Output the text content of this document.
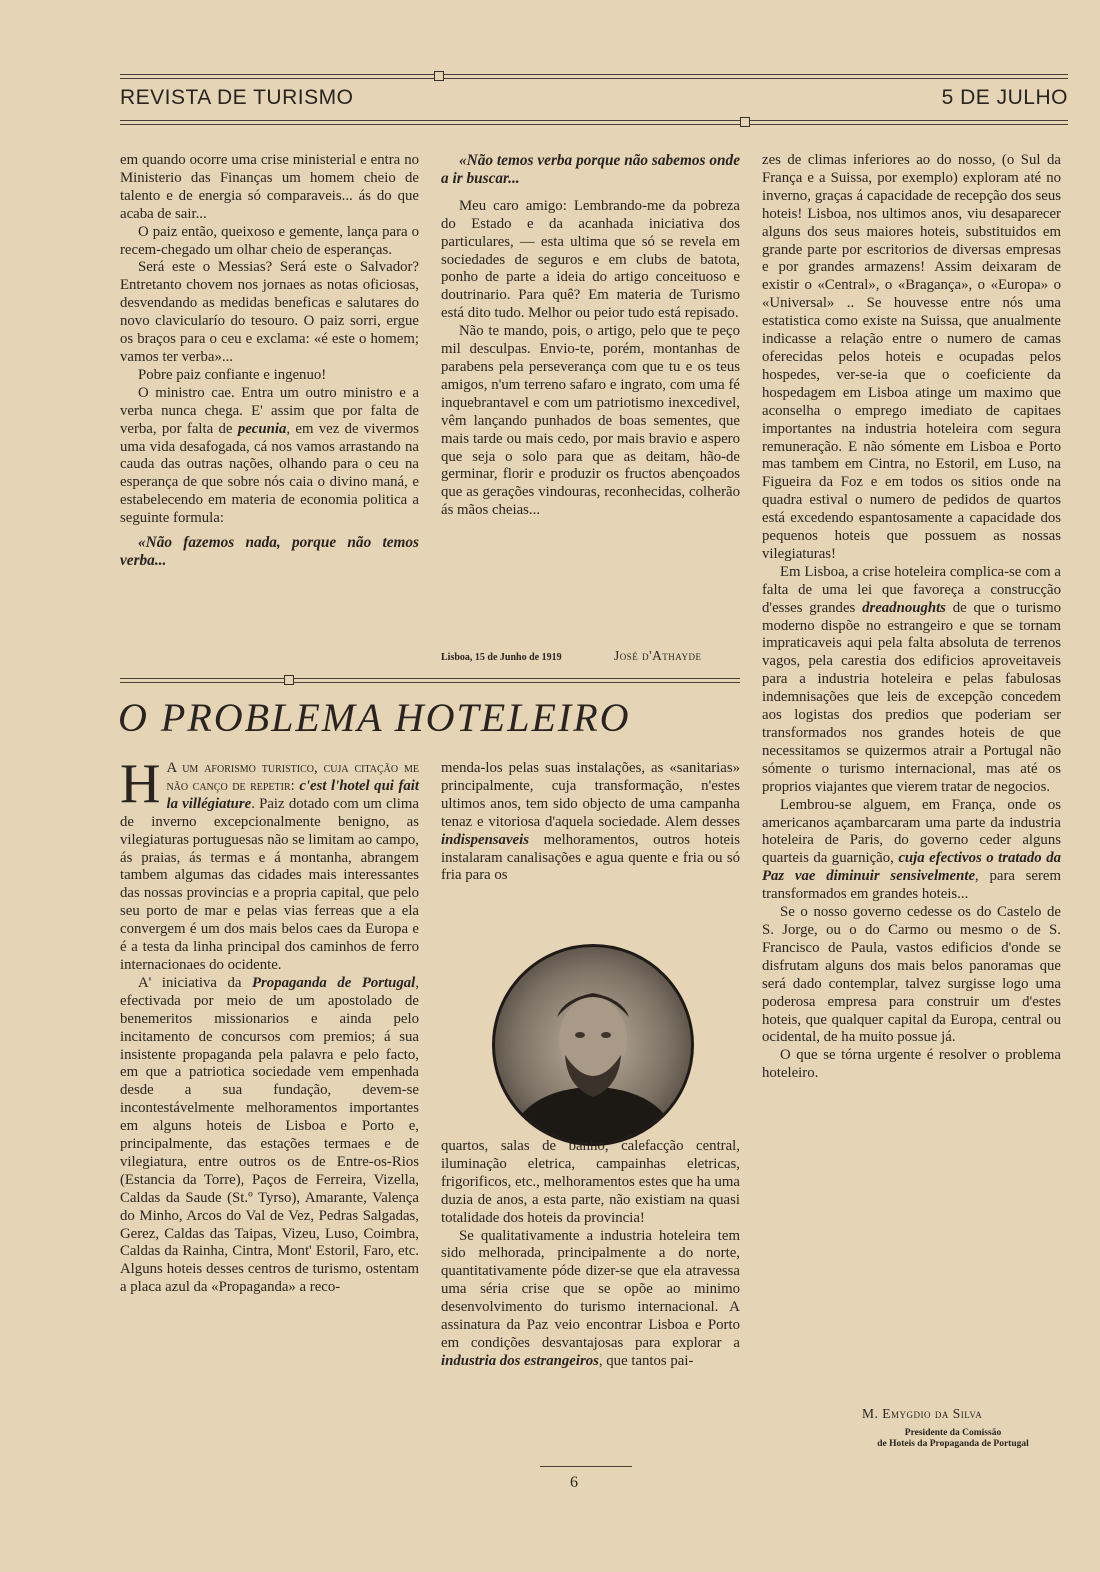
REVISTA DE TURISMO	5 DE JULHO

em quando ocorre uma crise ministerial e entra no Ministerio das Finanças um homem cheio de talento e de energia só comparaveis... ás do que acaba de sair...

O paiz então, queixoso e gemente, lança para o recem-chegado um olhar cheio de esperanças.

Será este o Messias? Será este o Salvador? Entretanto chovem nos jornaes as notas oficiosas, desvendando as medidas beneficas e salutares do novo clavicularío do tesouro. O paiz sorri, ergue os braços para o ceu e exclama: «é este o homem; vamos ter verba»...

Pobre paiz confiante e ingenuo!

O ministro cae. Entra um outro ministro e a verba nunca chega. E' assim que por falta de verba, por falta de pecunia, em vez de vivermos uma vida desafogada, cá nos vamos arrastando na cauda das outras nações, olhando para o ceu na esperança de que sobre nós caia o divino maná, e estabelecendo em materia de economia politica a seguinte formula:

«Não fazemos nada, porque não temos verba...

«Não temos verba porque não sabemos onde a ir buscar...

Meu caro amigo: Lembrando-me da pobreza do Estado e da acanhada iniciativa dos particulares, — esta ultima que só se revela em sociedades de seguros e em clubs de batota, ponho de parte a ideia do artigo conceituoso e doutrinario. Para quê? Em materia de Turismo está dito tudo. Melhor ou peior tudo está repisado.

Não te mando, pois, o artigo, pelo que te peço mil desculpas. Envio-te, porém, montanhas de parabens pela perseverança com que tu e os teus amigos, n'um terreno safaro e ingrato, com uma fé inquebrantavel e com um patriotismo inexcedivel, vêm lançando punhados de boas sementes, que mais tarde ou mais cedo, por mais bravio e aspero que seja o solo para que as deitam, hão-de germinar, florir e produzir os fructos abençoados que as gerações vindouras, reconhecidas, colherão ás mãos cheias...

Lisboa, 15 de Junho de 1919	José d'Athayde
O PROBLEMA HOTELEIRO

H A um aforismo turistico, cuja citação me não canço de repetir: c'est l'hotel qui fait la villégiature. Paiz dotado com um clima de inverno excepcionalmente benigno, as vilegiaturas portuguesas não se limitam ao campo, ás praias, ás termas e á montanha, abrangem tambem algumas das cidades mais interessantes das nossas provincias e a propria capital, que pelo seu porto de mar e pelas vias ferreas que a ela convergem é um dos mais belos caes da Europa e é a testa da linha principal dos caminhos de ferro internacionaes do ocidente.

A' iniciativa da Propaganda de Portugal, efectivada por meio de um apostolado de benemeritos missionarios e ainda pelo incitamento de concursos com premios; á sua insistente propaganda pela palavra e pelo facto, em que a patriotica sociedade vem empenhada desde a sua fundação, devem-se incontestávelmente melhoramentos importantes em alguns hoteis de Lisboa e Porto e, principalmente, das estações termaes e de vilegiatura, entre outros os de Entre-os-Rios (Estancia da Torre), Paços de Ferreira, Vizella, Caldas da Saude (St.º Tyrso), Amarante, Valença do Minho, Arcos do Val de Vez, Pedras Salgadas, Gerez, Caldas das Taipas, Vizeu, Luso, Coimbra, Caldas da Rainha, Cintra, Mont' Estoril, Faro, etc. Alguns hoteis desses centros de turismo, ostentam a placa azul da «Propaganda» a reco-

menda-los pelas suas instalações, as «sanitarias» principalmente, cuja transformação, n'estes ultimos anos, tem sido objecto de uma campanha tenaz e vitoriosa d'aquela sociedade. Alem desses indispensaveis melhoramentos, outros hoteis instalaram canalisações e agua quente e fria ou só fria para os

quartos, salas de banho, calefacção central, iluminação eletrica, campainhas eletricas, frigorificos, etc., melhoramentos estes que ha uma duzia de anos, a esta parte, não existiam na quasi totalidade dos hoteis da provincia!

Se qualitativamente a industria hoteleira tem sido melhorada, principalmente a do norte, quantitativamente póde dizer-se que ela atravessa uma séria crise que se opõe ao minimo desenvolvimento do turismo internacional. A assinatura da Paz veio encontrar Lisboa e Porto em condições desvantajosas para explorar a industria dos estrangeiros, que tantos pai-

zes de climas inferiores ao do nosso, (o Sul da França e a Suissa, por exemplo) exploram até no inverno, graças á capacidade de recepção dos seus hoteis! Lisboa, nos ultimos anos, viu desaparecer alguns dos seus maiores hoteis, substituidos em grande parte por escritorios de diversas empresas e por grandes armazens! Assim deixaram de existir o «Central», o «Bragança», o «Europa» o «Universal» .. Se houvesse entre nós uma estatistica como existe na Suissa, que anualmente indicasse a relação entre o numero de camas oferecidas pelos hoteis e ocupadas pelos hospedes, ver-se-ia que o coeficiente da hospedagem em Lisboa atinge um maximo que aconselha o emprego imediato de capitaes importantes na industria hoteleira com segura remuneração. E não sómente em Lisboa e Porto mas tambem em Cintra, no Estoril, em Luso, na Figueira da Foz e em todos os sitios onde na quadra estival o numero de pedidos de quartos está excedendo espantosamente a capacidade dos pequenos hoteis que possuem as nossas vilegiaturas!

Em Lisboa, a crise hoteleira complica-se com a falta de uma lei que favoreça a construcção d'esses grandes dreadnoughts de que o turismo moderno dispõe no estrangeiro e que se tornam impraticaveis aqui pela falta absoluta de terrenos vagos, pela carestia dos edificios aproveitaveis para a industria hoteleira e pelas fabulosas indemnisações que leis de excepção concedem aos logistas dos predios que poderiam ser transformados nos grandes hoteis de que necessitamos se quizermos atrair a Portugal não sómente o turismo internacional, mas até os proprios viajantes que vierem tratar de negocios.

Lembrou-se alguem, em França, onde os americanos açambarcaram uma parte da industria hoteleira de Paris, do governo ceder alguns quarteis da guarnição, cuja efectivos o tratado da Paz vae diminuir sensivelmente, para serem transformados em grandes hoteis...

Se o nosso governo cedesse os do Castelo de S. Jorge, ou o do Carmo ou mesmo o de S. Francisco de Paula, vastos edificios d'onde se disfrutam alguns dos mais belos panoramas que será dado contemplar, talvez surgisse logo uma poderosa empresa para construir um d'estes hoteis, que qualquer capital da Europa, central ou ocidental, de ha muito possue já.

O que se tórna urgente é resolver o problema hoteleiro.

M. Emygdio da Silva
Presidente da Comissão
de Hoteis da Propaganda de Portugal
6
